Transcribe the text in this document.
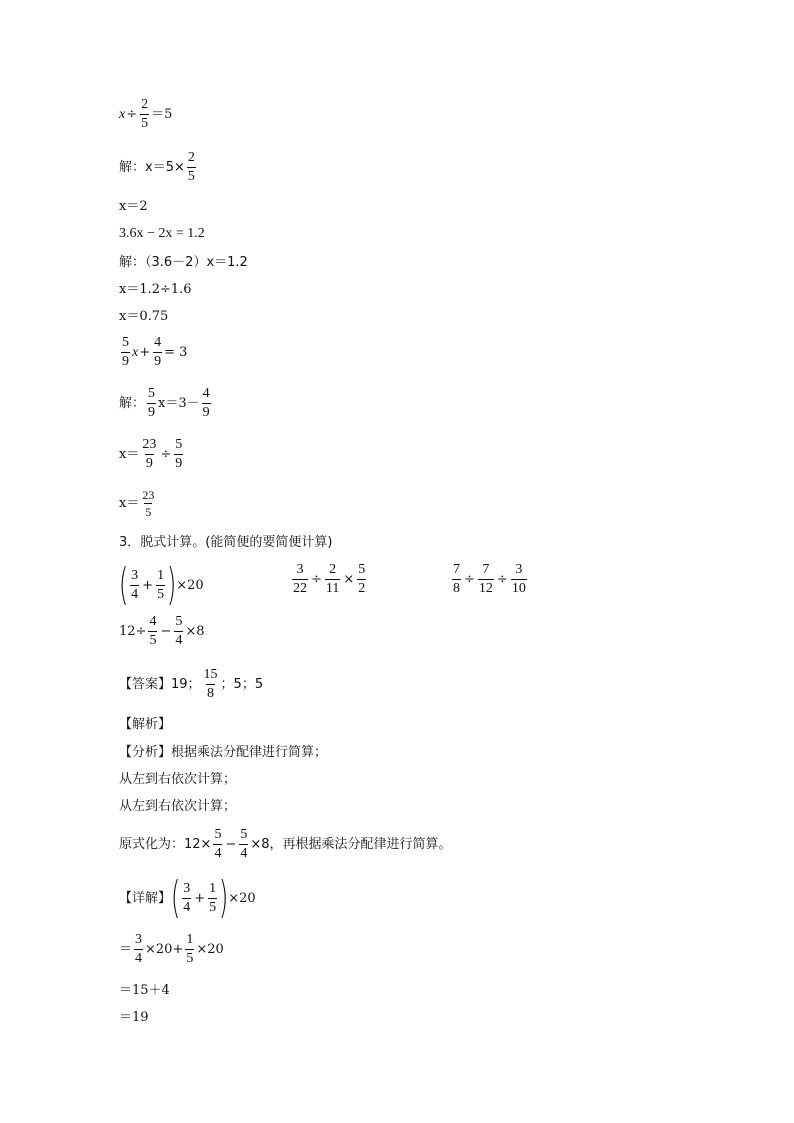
$x \div \frac{2}{5} =5$
解：$x=5\times \frac{2}{5}$
x＝2
3.6x − 2x = 1.2
解：（3.6－2）x＝1.2
x＝1.2÷1.6
x＝0.75
5
9
$x + \frac{4}{9} = 3$
解：
5
9
x＝3－
4
9
$x= \frac{23}{9} \div \frac{5}{9}$
x＝
23
5
3．脱式计算。(能简便的要简便计算)
( 3
4
+ $\frac{1}{5}$ ) ×20	$\frac{3}{22} \div \frac{2}{11} \times \frac{5}{2}$	$\frac{7}{8} \div \frac{7}{12} \div \frac{3}{10}$
$12\div \frac{4}{5} - \frac{5}{4} \times 8$
【答案】19；
15
8
；5；5
【解析】
【分析】根据乘法分配律进行简算；
从左到右依次计算；
从左到右依次计算；
原式化为：$12\times \frac{5}{4} - \frac{5}{4} \times 8$，再根据乘法分配律进行简算。
【详解】 ( 3
4
+ $\frac{1}{5}$ ) ×20
＝ $\frac{3}{4} \times 20+ \frac{1}{5} \times 20$
＝15＋4
＝19
